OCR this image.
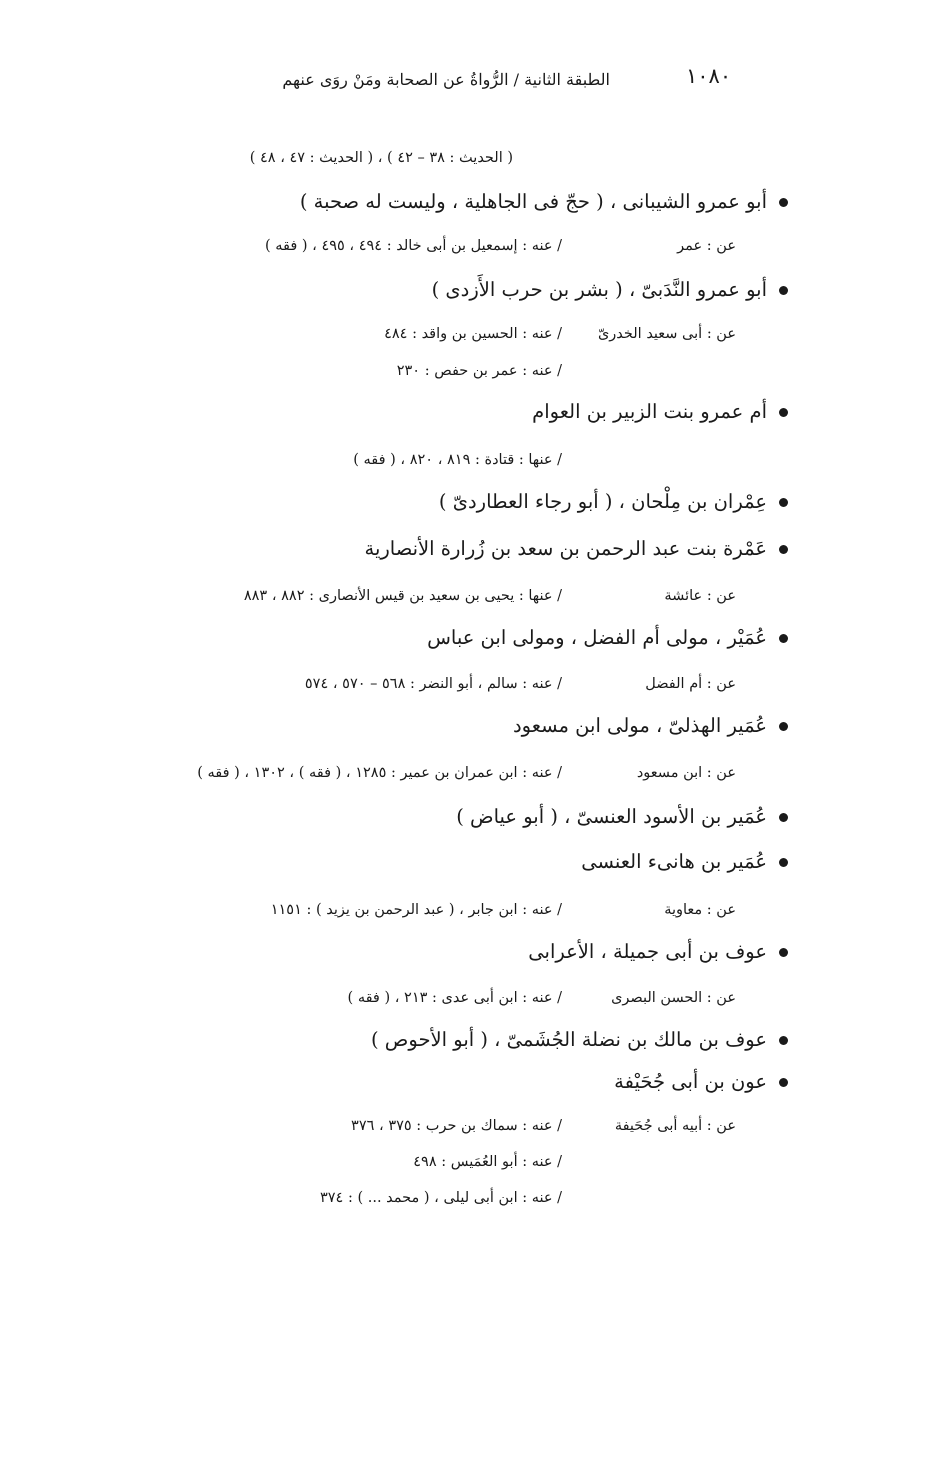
١٠٨٠
الطبقة الثانية / الرُّواةُ عن الصحابة ومَنْ روَى عنهم
( الحديث : ٣٨ – ٤٢ ) ، ( الحديث : ٤٧ ، ٤٨ )
أبو عمرو الشيبانى ، ( حجّ فى الجاهلية ، وليست له صحبة )
عن : عمر
/ عنه : إسمعيل بن أبى خالد : ٤٩٤ ، ٤٩٥ ، ( فقه )
أبو عمرو النَّدَبىّ ، ( بشر بن حرب الأَزدى )
عن : أبى سعيد الخدرىّ
/ عنه : الحسين بن واقد : ٤٨٤
/ عنه : عمر بن حفص : ٢٣٠
أم عمرو بنت الزبير بن العوام
/ عنها : قتادة : ٨١٩ ، ٨٢٠ ، ( فقه )
عِمْران بن مِلْحان ، ( أبو رجاء العطاردىّ )
عَمْرة بنت عبد الرحمن بن سعد بن زُرارة الأنصارية
عن : عائشة
/ عنها : يحيى بن سعيد بن قيس الأنصارى : ٨٨٢ ، ٨٨٣
عُمَيْر ، مولى أم الفضل ، ومولى ابن عباس
عن : أم الفضل
/ عنه : سالم ، أبو النضر : ٥٦٨ – ٥٧٠ ، ٥٧٤
عُمَير الهذلىّ ، مولى ابن مسعود
عن : ابن مسعود
/ عنه : ابن عمران بن عمير : ١٢٨٥ ، ( فقه ) ، ١٣٠٢ ، ( فقه )
عُمَير بن الأسود العنسىّ ، ( أبو عياض )
عُمَير بن هانىء العنسى
عن : معاوية
/ عنه : ابن جابر ، ( عبد الرحمن بن يزيد ) : ١١٥١
عوف بن أبى جميلة ، الأعرابى
عن : الحسن البصرى
/ عنه : ابن أبى عدى : ٢١٣ ، ( فقه )
عوف بن مالك بن نضلة الجُشَمىّ ، ( أبو الأحوص )
عون بن أبى جُحَيْفة
عن : أبيه أبى جُحَيفة
/ عنه : سماك بن حرب : ٣٧٥ ، ٣٧٦
/ عنه : أبو العُمَيس : ٤٩٨
/ عنه : ابن أبى ليلى ، ( محمد ... ) : ٣٧٤
